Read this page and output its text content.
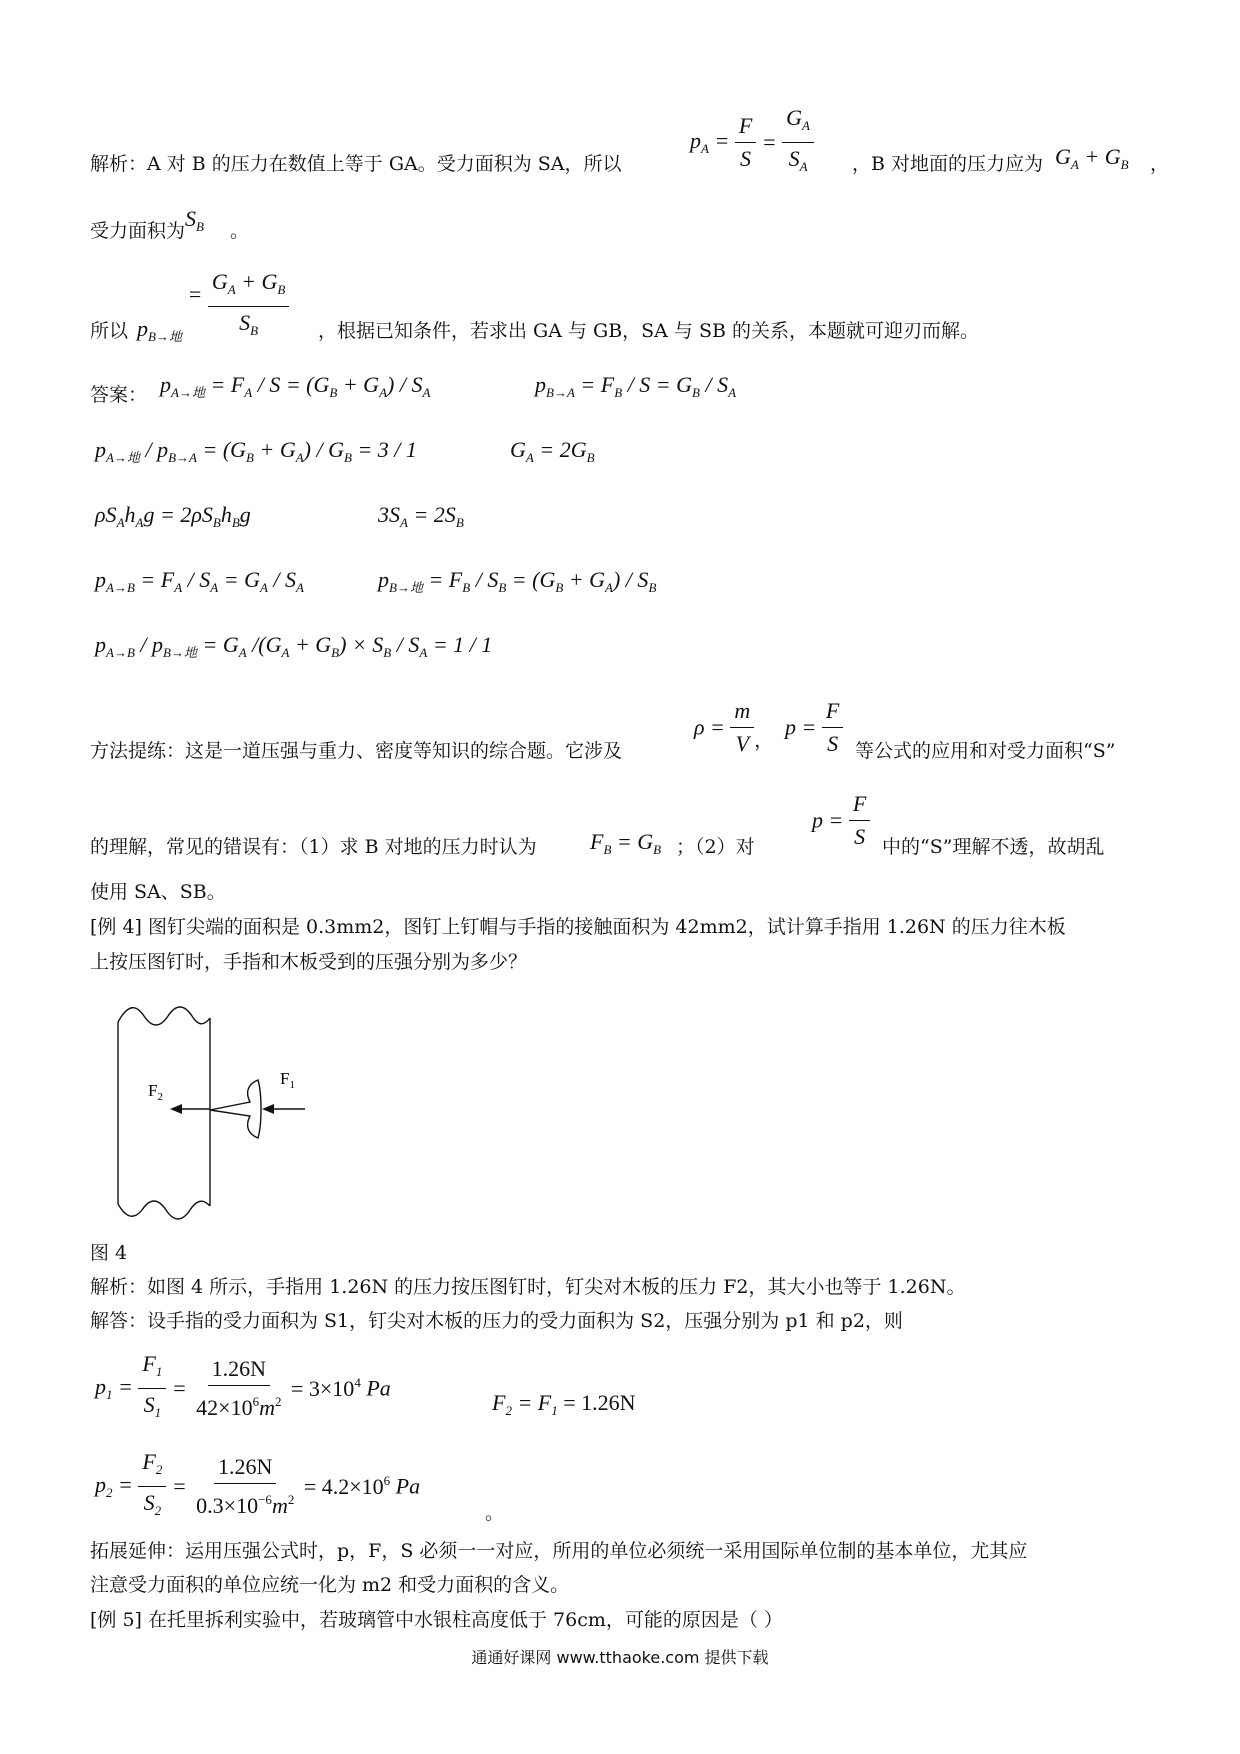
解析：A 对 B 的压力在数值上等于 GA。受力面积为 SA，所以
$p_A = \frac{F}{S} = \frac{G_A}{S_A}$ ，B 对地面的压力应为 $G_A + G_B$ ，
受力面积为 $S_B$ 。
所以 $p_{B\to 地} = \frac{G_A + G_B}{S_B}$ ，根据已知条件，若求出 GA 与 GB，SA 与 SB 的关系，本题就可迎刃而解。
答案： $p_{A\to 地} = F_A / S = (G_B + G_A) / S_A$	$p_{B\to A} = F_B / S = G_B / S_A$
$p_{A\to 地} / p_{B\to A} = (G_B + G_A) / G_B = 3 / 1$	$G_A = 2G_B$
$\rho S_Ah_Ag = 2\rho S_Bh_Bg$	$3S_A = 2S_B$
$p_{A\to B} = F_A / S_A = G_A / S_A$	$p_{B\to 地} = F_B / S_B = (G_B + G_A) / S_B$
$p_{A\to B} / p_{B\to 地} = G_A$ $/(G_A + G_B) \times S_B / S_A = 1 / 1$
方法提练：这是一道压强与重力、密度等知识的综合题。它涉及
$\rho = \frac{m}{V}$ ，
$p = \frac{F}{S}$ 等公式的应用和对受力面积“S”
的理解，常见的错误有：（1）求 B 对地的压力时认为 $F_B = G_B$ ；（2）对
$p = \frac{F}{S}$ 中的“S”理解不透，故胡乱
使用 SA、SB。
[例 4] 图钉尖端的面积是 0.3mm2，图钉上钉帽与手指的接触面积为 42mm2，试计算手指用 1.26N 的压力往木板
上按压图钉时，手指和木板受到的压强分别为多少？
$F_2$
$F_1$
图 4
解析：如图 4 所示，手指用 1.26N 的压力按压图钉时，钉尖对木板的压力 F2，其大小也等于 1.26N。
解答：设手指的受力面积为 S1，钉尖对木板的压力的受力面积为 S2，压强分别为 p1 和 p2，则
$p_1 = \frac{F_1}{S_1} = \frac{1.26N}{42\times 10^6m^2} = 3\times 10^4$ Pa
$F_2 = F_1 = 1.26N$
$p_2 = \frac{F_2}{S_2} = \frac{1.26N}{0.3\times 10^{-6}m^2} = 4.2\times 10^6$ Pa
。
拓展延伸：运用压强公式时，p，F，S 必须一一对应，所用的单位必须统一采用国际单位制的基本单位，尤其应
注意受力面积的单位应统一化为 m2 和受力面积的含义。
[例 5] 在托里拆利实验中，若玻璃管中水银柱高度低于 76cm，可能的原因是（ ）
通通好课网 www.tthaoke.com 提供下载
